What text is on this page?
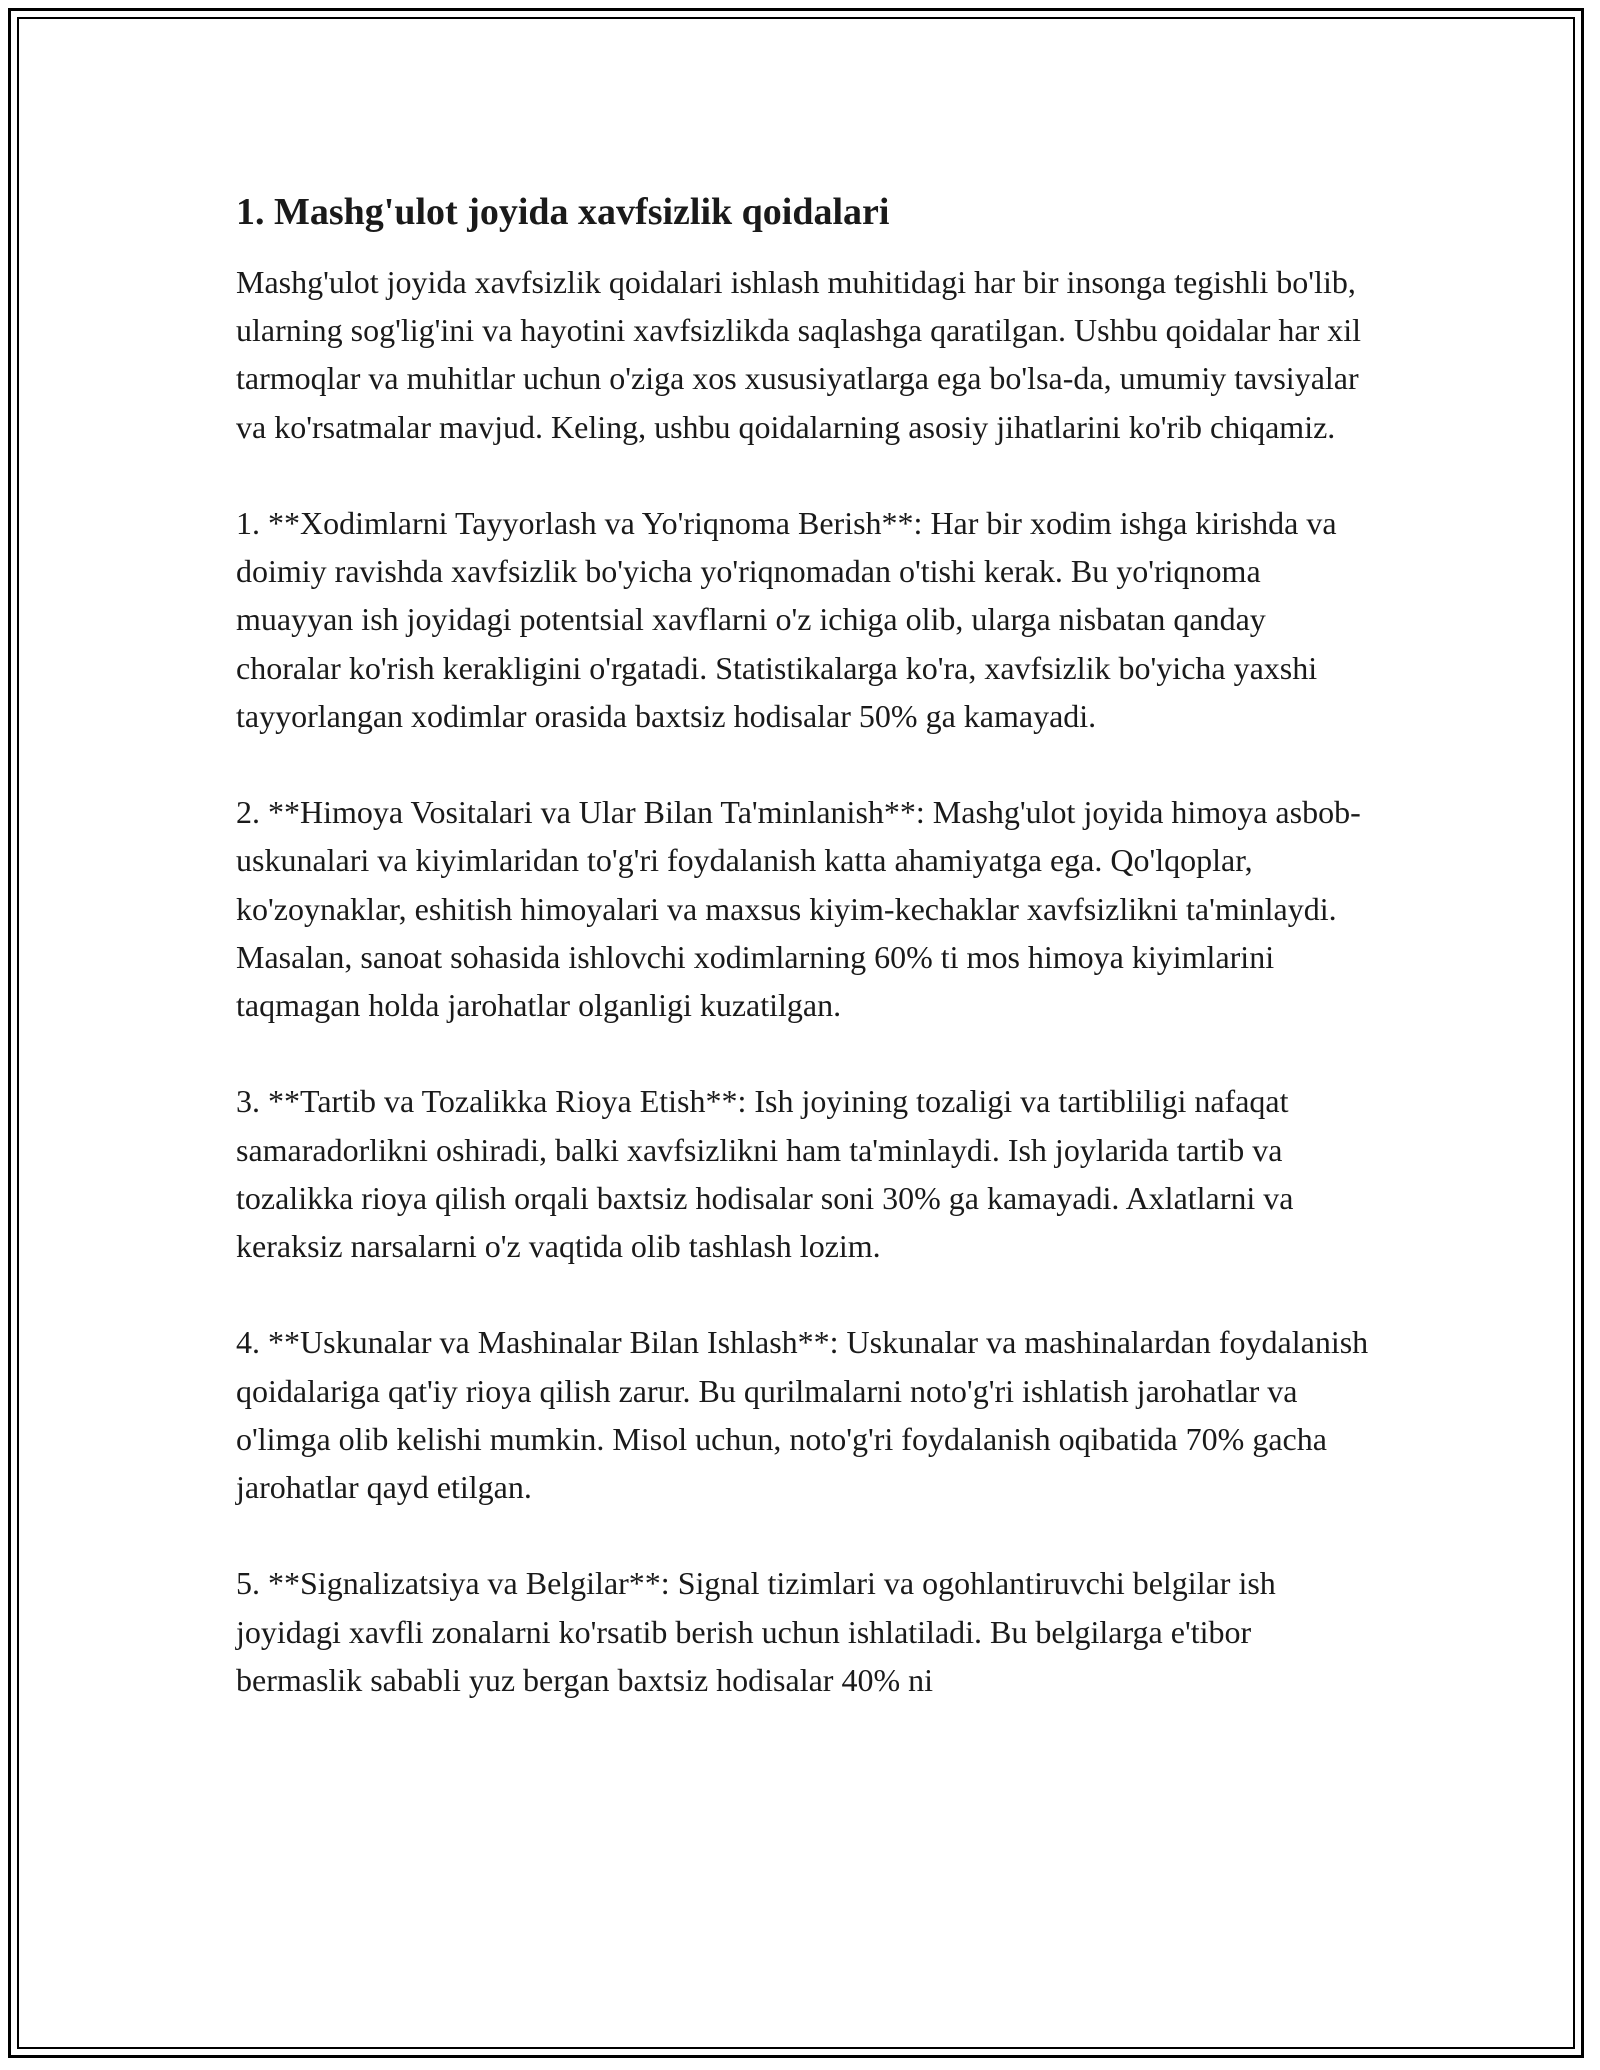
1. Mashg'ulot joyida xavfsizlik qoidalari

Mashg'ulot joyida xavfsizlik qoidalari ishlash muhitidagi har bir insonga tegishli bo'lib, ularning sog'lig'ini va hayotini xavfsizlikda saqlashga qaratilgan. Ushbu qoidalar har xil tarmoqlar va muhitlar uchun o'ziga xos xususiyatlarga ega bo'lsa-da, umumiy tavsiyalar va ko'rsatmalar mavjud. Keling, ushbu qoidalarning asosiy jihatlarini ko'rib chiqamiz.

1. **Xodimlarni Tayyorlash va Yo'riqnoma Berish**: Har bir xodim ishga kirishda va doimiy ravishda xavfsizlik bo'yicha yo'riqnomadan o'tishi kerak. Bu yo'riqnoma muayyan ish joyidagi potentsial xavflarni o'z ichiga olib, ularga nisbatan qanday choralar ko'rish kerakligini o'rgatadi. Statistikalarga ko'ra, xavfsizlik bo'yicha yaxshi tayyorlangan xodimlar orasida baxtsiz hodisalar 50% ga kamayadi.

2. **Himoya Vositalari va Ular Bilan Ta'minlanish**: Mashg'ulot joyida himoya asbob-uskunalari va kiyimlaridan to'g'ri foydalanish katta ahamiyatga ega. Qo'lqoplar, ko'zoynaklar, eshitish himoyalari va maxsus kiyim-kechaklar xavfsizlikni ta'minlaydi. Masalan, sanoat sohasida ishlovchi xodimlarning 60% ti mos himoya kiyimlarini taqmagan holda jarohatlar olganligi kuzatilgan.

3. **Tartib va Tozalikka Rioya Etish**: Ish joyining tozaligi va tartibliligi nafaqat samaradorlikni oshiradi, balki xavfsizlikni ham ta'minlaydi. Ish joylarida tartib va tozalikka rioya qilish orqali baxtsiz hodisalar soni 30% ga kamayadi. Axlatlarni va keraksiz narsalarni o'z vaqtida olib tashlash lozim.

4. **Uskunalar va Mashinalar Bilan Ishlash**: Uskunalar va mashinalardan foydalanish qoidalariga qat'iy rioya qilish zarur. Bu qurilmalarni noto'g'ri ishlatish jarohatlar va o'limga olib kelishi mumkin. Misol uchun, noto'g'ri foydalanish oqibatida 70% gacha jarohatlar qayd etilgan.

5. **Signalizatsiya va Belgilar**: Signal tizimlari va ogohlantiruvchi belgilar ish joyidagi xavfli zonalarni ko'rsatib berish uchun ishlatiladi. Bu belgilarga e'tibor bermaslik sababli yuz bergan baxtsiz hodisalar 40% ni
